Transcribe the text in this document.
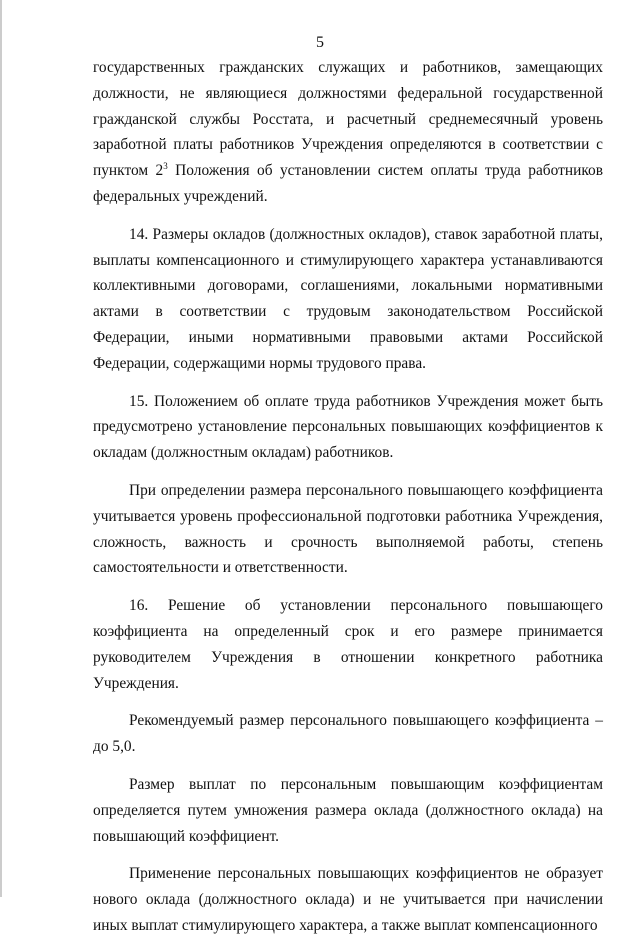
5

государственных гражданских служащих и работников, замещающих должности, не являющиеся должностями федеральной государственной гражданской службы Росстата, и расчетный среднемесячный уровень заработной платы работников Учреждения определяются в соответствии с пунктом $2^3$ Положения об установлении систем оплаты труда работников федеральных учреждений.

14. Размеры окладов (должностных окладов), ставок заработной платы, выплаты компенсационного и стимулирующего характера устанавливаются коллективными договорами, соглашениями, локальными нормативными актами в соответствии с трудовым законодательством Российской Федерации, иными нормативными правовыми актами Российской Федерации, содержащими нормы трудового права.

15. Положением об оплате труда работников Учреждения может быть предусмотрено установление персональных повышающих коэффициентов к окладам (должностным окладам) работников.

При определении размера персонального повышающего коэффициента учитывается уровень профессиональной подготовки работника Учреждения, сложность, важность и срочность выполняемой работы, степень самостоятельности и ответственности.

16. Решение об установлении персонального повышающего коэффициента на определенный срок и его размере принимается руководителем Учреждения в отношении конкретного работника Учреждения.

Рекомендуемый размер персонального повышающего коэффициента – до 5,0.

Размер выплат по персональным повышающим коэффициентам определяется путем умножения размера оклада (должностного оклада) на повышающий коэффициент.

Применение персональных повышающих коэффициентов не образует нового оклада (должностного оклада) и не учитывается при начислении иных выплат стимулирующего характера, а также выплат компенсационного
